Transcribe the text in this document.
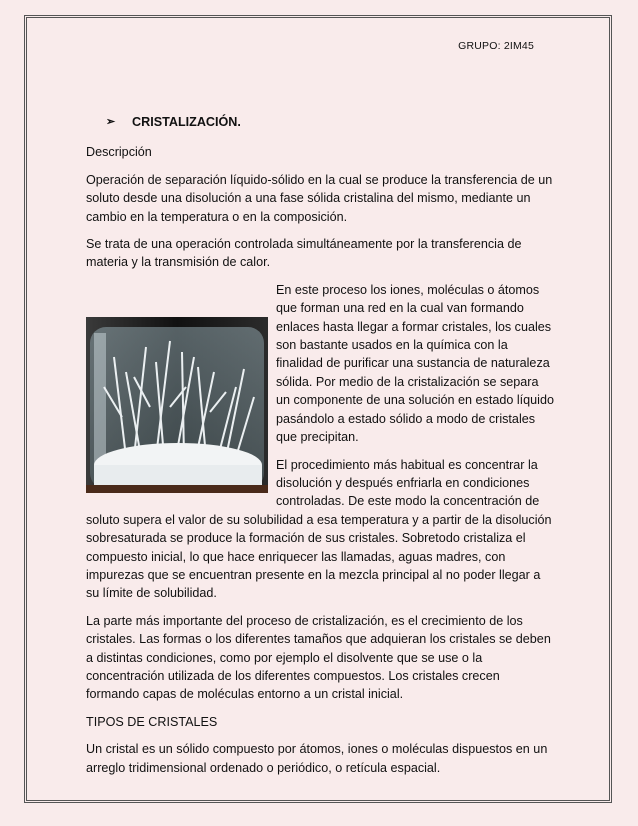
GRUPO: 2IM45
➢	CRISTALIZACIÓN.

Descripción

Operación de separación líquido-sólido en la cual se produce la transferencia de un soluto desde una disolución a una fase sólida cristalina del mismo, mediante un cambio en la temperatura o en la composición.

Se trata de una operación controlada simultáneamente por la transferencia de materia y la transmisión de calor.

En este proceso los iones, moléculas o átomos que forman una red en la cual van formando enlaces hasta llegar a formar cristales, los cuales son bastante usados en la química con la finalidad de purificar una sustancia de naturaleza sólida. Por medio de la cristalización se separa un componente de una solución en estado líquido pasándolo a estado sólido a modo de cristales que precipitan.

El procedimiento más habitual es concentrar la disolución y después enfriarla en condiciones controladas. De este modo la concentración de soluto supera el valor de su solubilidad a esa temperatura y a partir de la disolución sobresaturada se produce la formación de sus cristales. Sobretodo cristaliza el compuesto inicial, lo que hace enriquecer las llamadas, aguas madres, con impurezas que se encuentran presente en la mezcla principal al no poder llegar a su límite de solubilidad.

La parte más importante del proceso de cristalización, es el crecimiento de los cristales. Las formas o los diferentes tamaños que adquieran los cristales se deben a distintas condiciones, como por ejemplo el disolvente que se use o la concentración utilizada de los diferentes compuestos. Los cristales crecen formando capas de moléculas entorno a un cristal inicial.

TIPOS DE CRISTALES

Un cristal es un sólido compuesto por átomos, iones o moléculas dispuestos en un arreglo tridimensional ordenado o periódico, o retícula espacial.
